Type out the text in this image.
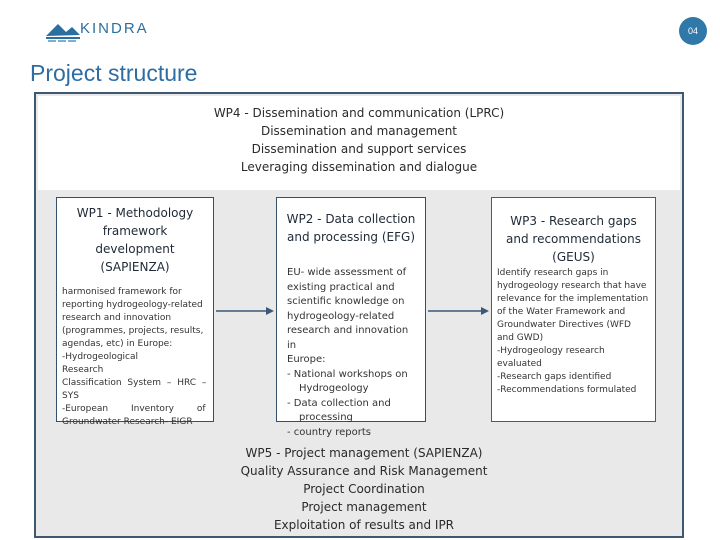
KINDRA	04
Project structure
WP4 - Dissemination and communication (LPRC)
Dissemination and management
Dissemination and support services
Leveraging dissemination and dialogue
WP1 - Methodology
framework
development
(SAPIENZA)
harmonised framework for
reporting hydrogeology-related
research and innovation
(programmes, projects, results,
agendas, etc) in Europe:
-Hydrogeological Research
Classification System – HRC –
SYS
-European Inventory of
Groundwater Research- EIGR
WP2 - Data collection
and processing (EFG)
EU- wide assessment of
existing practical and
scientific knowledge on
hydrogeology-related
research and innovation in
Europe:
- National workshops on
Hydrogeology
- Data collection and
processing
- country reports
WP3 - Research gaps
and recommendations
(GEUS)
Identify research gaps in
hydrogeology research that have
relevance for the implementation
of the Water Framework and
Groundwater Directives (WFD
and GWD)
-Hydrogeology research
evaluated
-Research gaps identified
-Recommendations formulated
WP5 - Project management (SAPIENZA)
Quality Assurance and Risk Management
Project Coordination
Project management
Exploitation of results and IPR
